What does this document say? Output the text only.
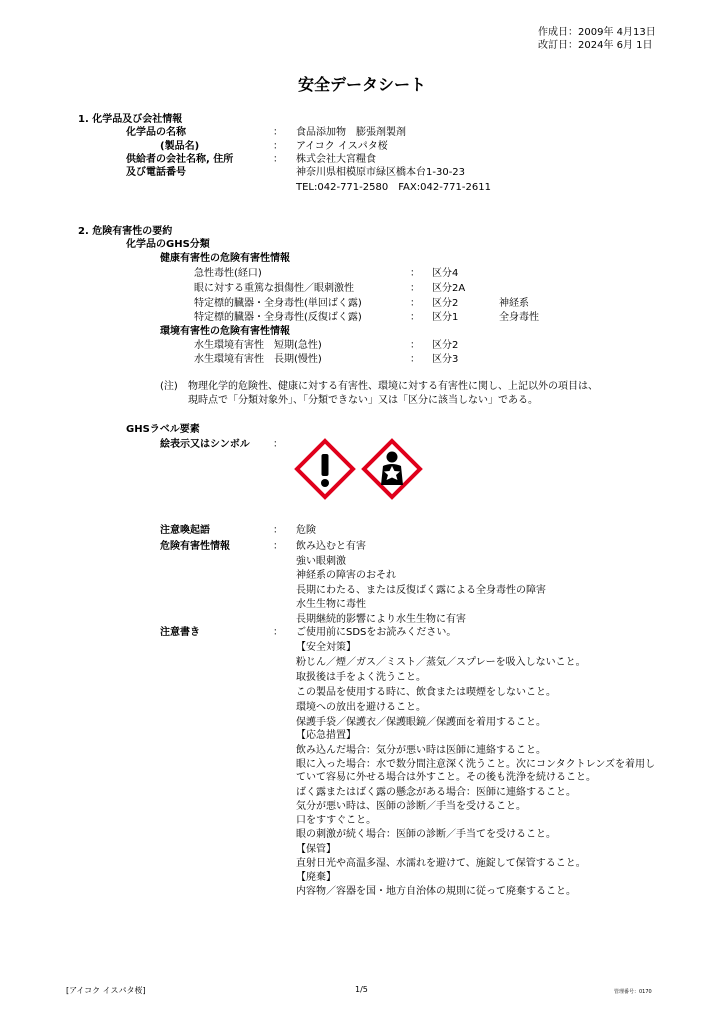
作成日：2009年 4月13日
改訂日：2024年 6月 1日
安全データシート
1. 化学品及び会社情報
化学品の名称	： 食品添加物　膨張剤製剤
(製品名)	： アイコク イスパタ桜
供給者の会社名称, 住所	： 株式会社大宮糧食
及び電話番号	神奈川県相模原市緑区橋本台1-30-23
TEL:042-771-2580　FAX:042-771-2611
2. 危険有害性の要約
化学品のGHS分類
健康有害性の危険有害性情報
急性毒性(経口)	： 区分4
眼に対する重篤な損傷性／眼刺激性	： 区分2A
特定標的臓器・全身毒性(単回ばく露)	： 区分2	神経系
特定標的臓器・全身毒性(反復ばく露)	： 区分1	全身毒性
環境有害性の危険有害性情報
水生環境有害性　短期(急性)	： 区分2
水生環境有害性　長期(慢性)	： 区分3
(注) 物理化学的危険性、健康に対する有害性、環境に対する有害性に関し、上記以外の項目は、
現時点で「分類対象外」、「分類できない」又は「区分に該当しない」である。
GHSラベル要素
絵表示又はシンボル ：
注意喚起語	： 危険
危険有害性情報	： 飲み込むと有害
強い眼刺激
神経系の障害のおそれ
長期にわたる、または反復ばく露による全身毒性の障害
水生生物に毒性
長期継続的影響により水生生物に有害
注意書き	： ご使用前にSDSをお読みください。
【安全対策】
粉じん／煙／ガス／ミスト／蒸気／スプレーを吸入しないこと。
取扱後は手をよく洗うこと。
この製品を使用する時に、飲食または喫煙をしないこと。
環境への放出を避けること。
保護手袋／保護衣／保護眼鏡／保護面を着用すること。
【応急措置】
飲み込んだ場合：気分が悪い時は医師に連絡すること。
眼に入った場合：水で数分間注意深く洗うこと。次にコンタクトレンズを着用し
ていて容易に外せる場合は外すこと。その後も洗浄を続けること。
ばく露またはばく露の懸念がある場合：医師に連絡すること。
気分が悪い時は、医師の診断／手当を受けること。
口をすすぐこと。
眼の刺激が続く場合：医師の診断／手当てを受けること。
【保管】
直射日光や高温多湿、水濡れを避けて、施錠して保管すること。
【廃棄】
内容物／容器を国・地方自治体の規則に従って廃棄すること。
[アイコク イスパタ桜]	1/5	管理番号：0170
